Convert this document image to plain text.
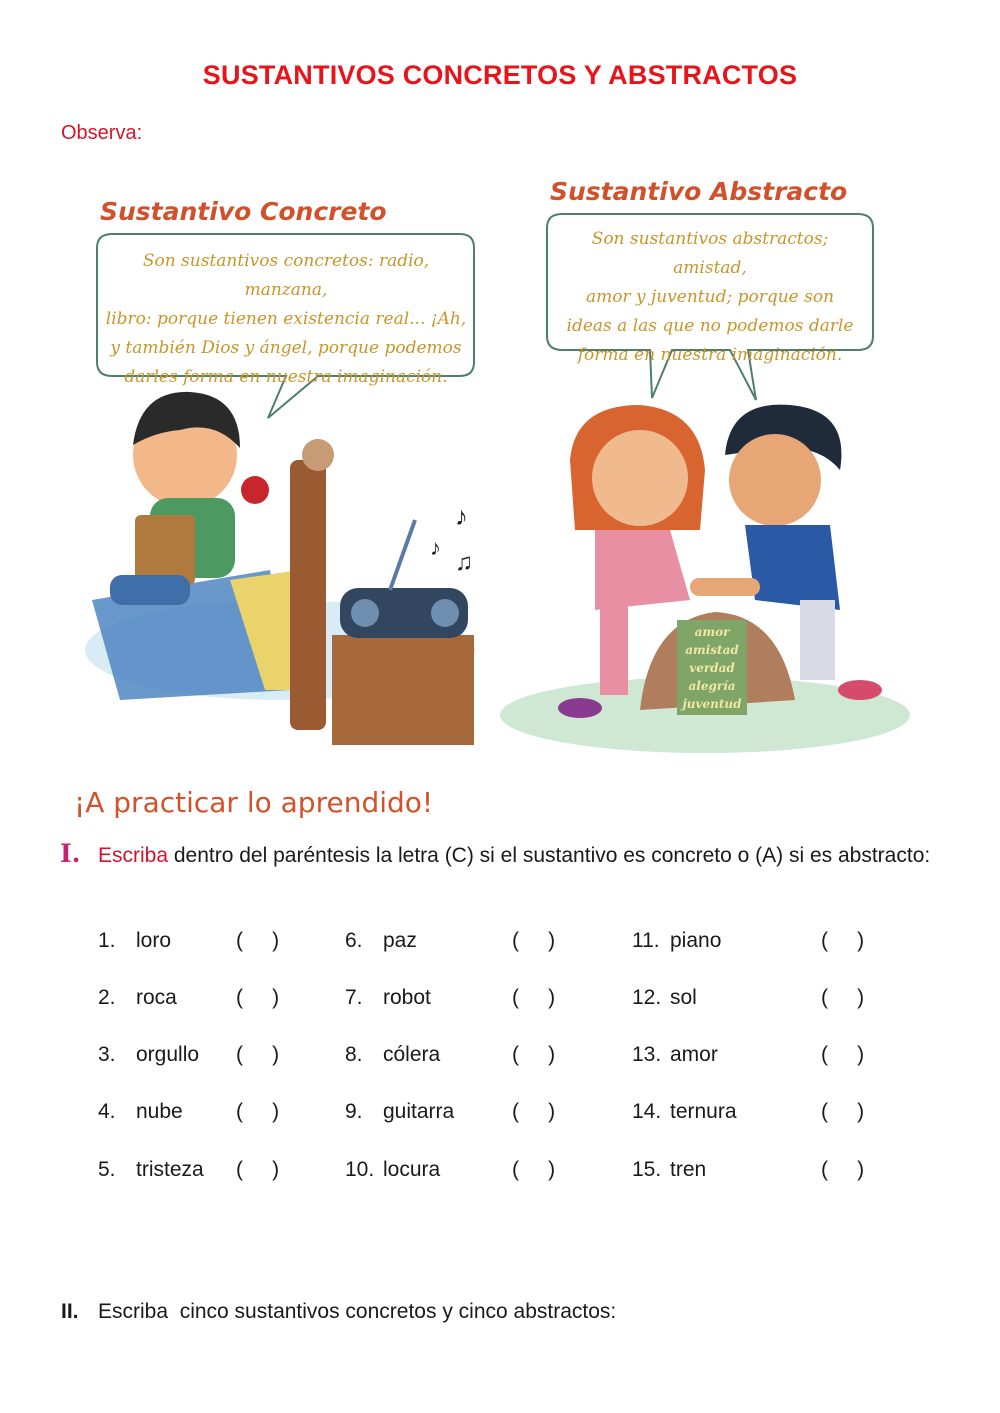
♪
♪
♫
amor
amistad
verdad
alegría
juventud
SUSTANTIVOS CONCRETOS Y ABSTRACTOS
Observa:
Sustantivo Concreto
Sustantivo Abstracto
Son sustantivos concretos: radio, manzana,
libro: porque tienen existencia real... ¡Ah,
y también Dios y ángel, porque podemos
darles forma en nuestra imaginación.
Son sustantivos abstractos; amistad,
amor y juventud; porque son
ideas a las que no podemos darle
forma en nuestra imaginación.
¡A practicar lo aprendido!
I. Escriba dentro del paréntesis la letra (C) si el sustantivo es concreto o (A) si es abstracto:
1. loro	(     )
2. roca	(     )
3. orgullo (     )
4. nube	(     )
5. tristeza (     )
6. paz	(     )
7. robot	(     )
8. cólera	(     )
9. guitarra	(     )
10. locura	(     )
11. piano	(     )
12. sol	(     )
13. amor	(     )
14. ternura	(     )
15. tren	(     )
II. Escriba  cinco sustantivos concretos y cinco abstractos:
